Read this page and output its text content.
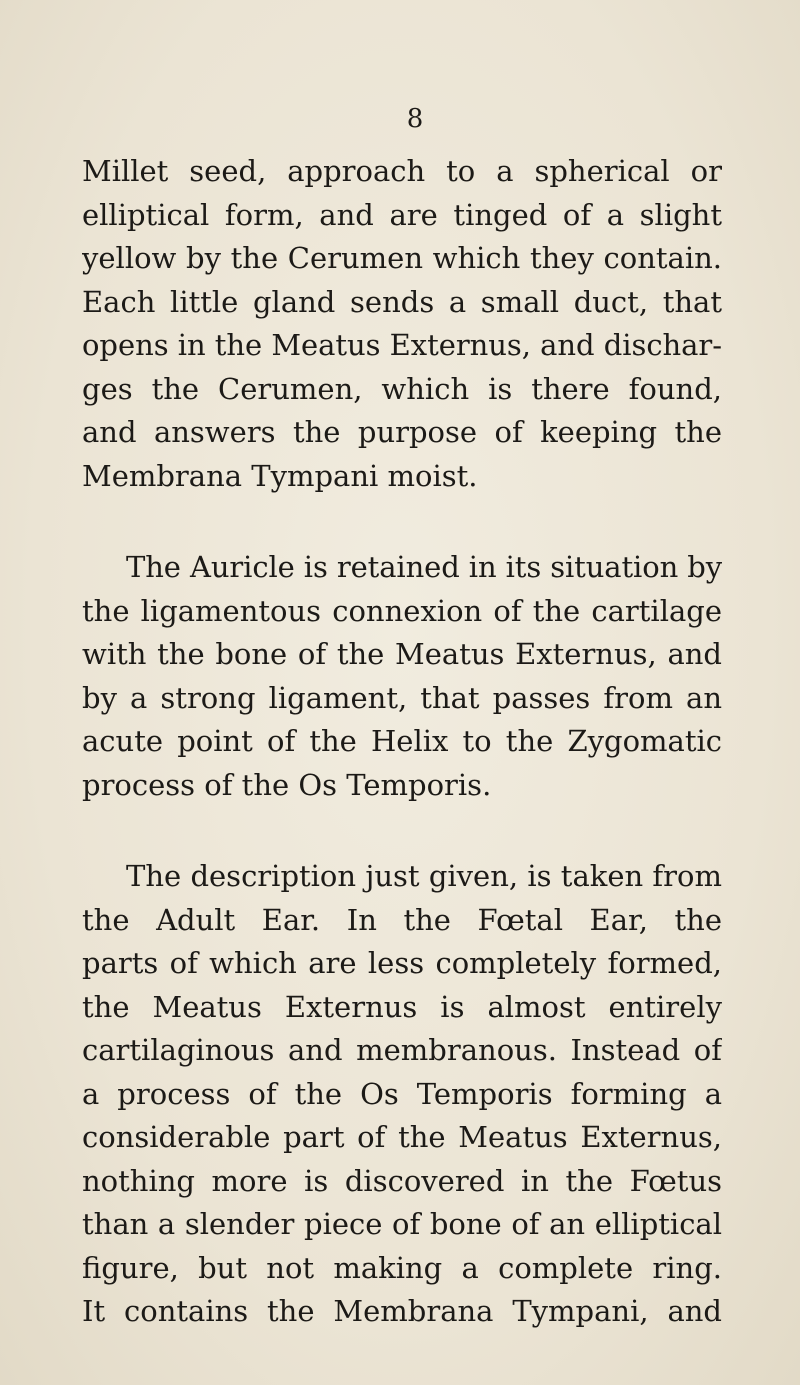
8

Millet seed, approach to a spherical or
elliptical form, and are tinged of a slight
yellow by the Cerumen which they contain.
Each little gland sends a small duct, that
opens in the Meatus Externus, and dischar-
ges the Cerumen, which is there found,
and answers the purpose of keeping the
Membrana Tympani moist.

The Auricle is retained in its situation by
the ligamentous connexion of the cartilage
with the bone of the Meatus Externus, and
by a strong ligament, that passes from an
acute point of the Helix to the Zygomatic
process of the Os Temporis.

The description just given, is taken from
the Adult Ear. In the Fœtal Ear, the
parts of which are less completely formed,
the Meatus Externus is almost entirely
cartilaginous and membranous. Instead of
a process of the Os Temporis forming a
considerable part of the Meatus Externus,
nothing more is discovered in the Fœtus
than a slender piece of bone of an elliptical
figure, but not making a complete ring.
It contains the Membrana Tympani, and
